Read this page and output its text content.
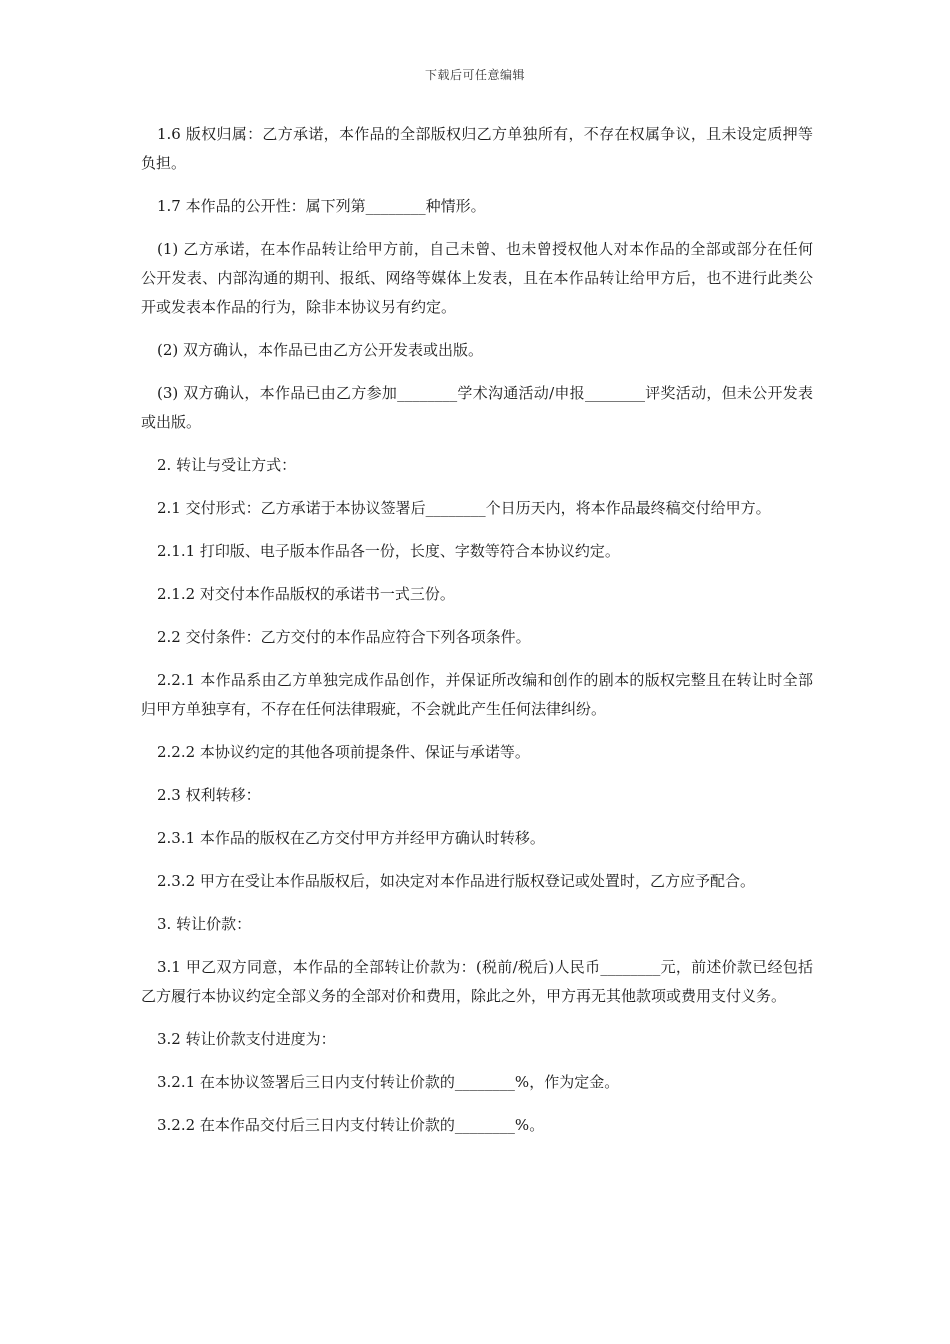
下载后可任意编辑

1.6 版权归属：乙方承诺，本作品的全部版权归乙方单独所有，不存在权属争议，且未设定质押等负担。

1.7 本作品的公开性：属下列第________种情形。

(1) 乙方承诺，在本作品转让给甲方前，自己未曾、也未曾授权他人对本作品的全部或部分在任何公开发表、内部沟通的期刊、报纸、网络等媒体上发表，且在本作品转让给甲方后，也不进行此类公开或发表本作品的行为，除非本协议另有约定。

(2) 双方确认，本作品已由乙方公开发表或出版。

(3) 双方确认，本作品已由乙方参加________学术沟通活动/申报________评奖活动，但未公开发表或出版。

2. 转让与受让方式：

2.1 交付形式：乙方承诺于本协议签署后________个日历天内，将本作品最终稿交付给甲方。

2.1.1 打印版、电子版本作品各一份，长度、字数等符合本协议约定。

2.1.2 对交付本作品版权的承诺书一式三份。

2.2 交付条件：乙方交付的本作品应符合下列各项条件。

2.2.1 本作品系由乙方单独完成作品创作，并保证所改编和创作的剧本的版权完整且在转让时全部归甲方单独享有，不存在任何法律瑕疵，不会就此产生任何法律纠纷。

2.2.2 本协议约定的其他各项前提条件、保证与承诺等。

2.3 权利转移：

2.3.1 本作品的版权在乙方交付甲方并经甲方确认时转移。

2.3.2 甲方在受让本作品版权后，如决定对本作品进行版权登记或处置时，乙方应予配合。

3. 转让价款：

3.1 甲乙双方同意，本作品的全部转让价款为：(税前/税后)人民币________元，前述价款已经包括乙方履行本协议约定全部义务的全部对价和费用，除此之外，甲方再无其他款项或费用支付义务。

3.2 转让价款支付进度为：

3.2.1 在本协议签署后三日内支付转让价款的________%，作为定金。

3.2.2 在本作品交付后三日内支付转让价款的________%。
